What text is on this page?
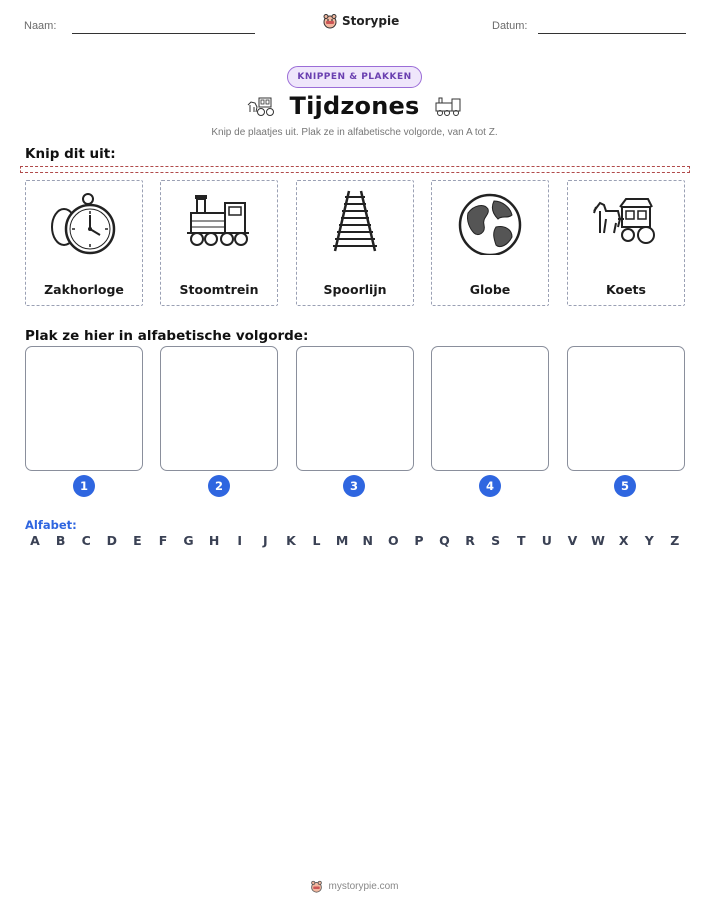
Naam:	Storypie	Datum:
KNIPPEN & PLAKKEN
Tijdzones
Knip de plaatjes uit. Plak ze in alfabetische volgorde, van A tot Z.
Knip dit uit:
Zakhorloge	Stoomtrein	Spoorlijn	Globe	Koets
Plak ze hier in alfabetische volgorde:
1	2	3	4	5
Alfabet:
A	B	C	D	E	F	G	H	I	J	K	L	M	N	O	P	Q	R	S	T	U	V	W	X	Y	Z
mystorypie.com
